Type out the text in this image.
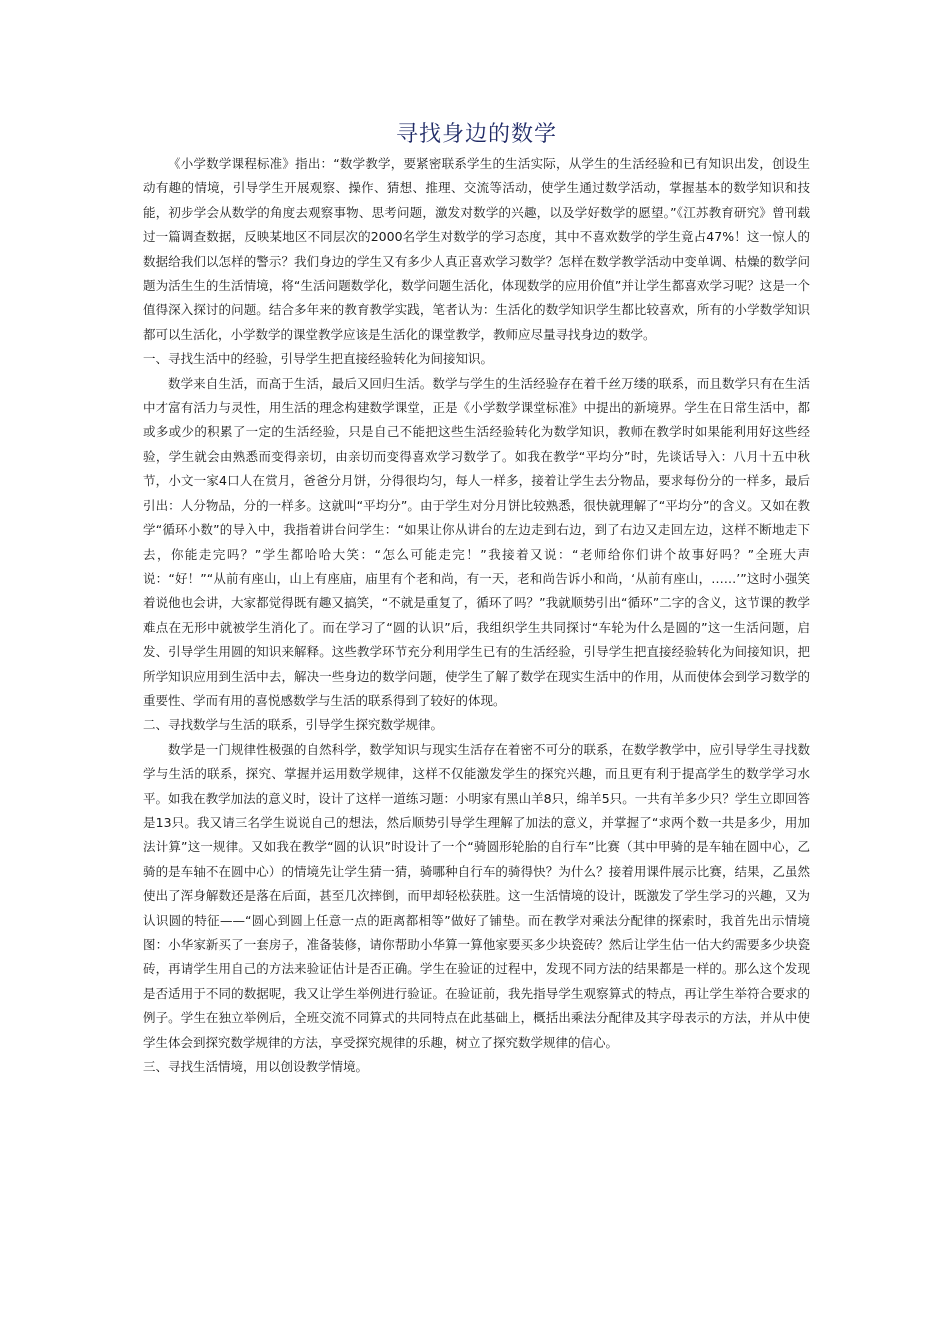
寻找身边的数学

《小学数学课程标准》指出：“数学教学，要紧密联系学生的生活实际，从学生的生活经验和已有知识出发，创设生动有趣的情境，引导学生开展观察、操作、猜想、推理、交流等活动，使学生通过数学活动，掌握基本的数学知识和技能，初步学会从数学的角度去观察事物、思考问题，激发对数学的兴趣，以及学好数学的愿望。”《江苏教育研究》曾刊载过一篇调查数据，反映某地区不同层次的2000名学生对数学的学习态度，其中不喜欢数学的学生竟占47%！这一惊人的数据给我们以怎样的警示？我们身边的学生又有多少人真正喜欢学习数学？怎样在数学教学活动中变单调、枯燥的数学问题为活生生的生活情境，将“生活问题数学化，数学问题生活化，体现数学的应用价值”并让学生都喜欢学习呢？这是一个值得深入探讨的问题。结合多年来的教育教学实践，笔者认为：生活化的数学知识学生都比较喜欢，所有的小学数学知识都可以生活化，小学数学的课堂教学应该是生活化的课堂教学，教师应尽量寻找身边的数学。

一、寻找生活中的经验，引导学生把直接经验转化为间接知识。

数学来自生活，而高于生活，最后又回归生活。数学与学生的生活经验存在着千丝万缕的联系，而且数学只有在生活中才富有活力与灵性，用生活的理念构建数学课堂，正是《小学数学课堂标准》中提出的新境界。学生在日常生活中，都或多或少的积累了一定的生活经验，只是自己不能把这些生活经验转化为数学知识，教师在教学时如果能利用好这些经验，学生就会由熟悉而变得亲切，由亲切而变得喜欢学习数学了。如我在教学“平均分”时，先谈话导入：八月十五中秋节，小文一家4口人在赏月，爸爸分月饼，分得很均匀，每人一样多，接着让学生去分物品，要求每份分的一样多，最后引出：人分物品，分的一样多。这就叫“平均分”。由于学生对分月饼比较熟悉，很快就理解了“平均分”的含义。又如在教学“循环小数”的导入中，我指着讲台问学生：“如果让你从讲台的左边走到右边，到了右边又走回左边，这样不断地走下去，你能走完吗？”学生都哈哈大笑：“怎么可能走完！”我接着又说：“老师给你们讲个故事好吗？”全班大声说：“好！”“从前有座山，山上有座庙，庙里有个老和尚，有一天，老和尚告诉小和尚，‘从前有座山，……’”这时小强笑着说他也会讲，大家都觉得既有趣又搞笑，“不就是重复了，循环了吗？”我就顺势引出“循环”二字的含义，这节课的教学难点在无形中就被学生消化了。而在学习了“圆的认识”后，我组织学生共同探讨“车轮为什么是圆的”这一生活问题，启发、引导学生用圆的知识来解释。这些教学环节充分利用学生已有的生活经验，引导学生把直接经验转化为间接知识，把所学知识应用到生活中去，解决一些身边的数学问题，使学生了解了数学在现实生活中的作用，从而使体会到学习数学的重要性、学而有用的喜悦感数学与生活的联系得到了较好的体现。

二、寻找数学与生活的联系，引导学生探究数学规律。

数学是一门规律性极强的自然科学，数学知识与现实生活存在着密不可分的联系，在数学教学中，应引导学生寻找数学与生活的联系，探究、掌握并运用数学规律，这样不仅能激发学生的探究兴趣，而且更有利于提高学生的数学学习水平。如我在教学加法的意义时，设计了这样一道练习题：小明家有黑山羊8只，绵羊5只。一共有羊多少只？学生立即回答是13只。我又请三名学生说说自己的想法，然后顺势引导学生理解了加法的意义，并掌握了“求两个数一共是多少，用加法计算”这一规律。又如我在教学“圆的认识”时设计了一个“骑圆形轮胎的自行车”比赛（其中甲骑的是车轴在圆中心，乙骑的是车轴不在圆中心）的情境先让学生猜一猜，骑哪种自行车的骑得快？为什么？接着用课件展示比赛，结果，乙虽然使出了浑身解数还是落在后面，甚至几次摔倒，而甲却轻松获胜。这一生活情境的设计，既激发了学生学习的兴趣，又为认识圆的特征——“圆心到圆上任意一点的距离都相等”做好了铺垫。而在教学对乘法分配律的探索时，我首先出示情境图：小华家新买了一套房子，准备装修，请你帮助小华算一算他家要买多少块瓷砖？然后让学生估一估大约需要多少块瓷砖，再请学生用自己的方法来验证估计是否正确。学生在验证的过程中，发现不同方法的结果都是一样的。那么这个发现是否适用于不同的数据呢，我又让学生举例进行验证。在验证前，我先指导学生观察算式的特点，再让学生举符合要求的例子。学生在独立举例后，全班交流不同算式的共同特点在此基础上，概括出乘法分配律及其字母表示的方法，并从中使学生体会到探究数学规律的方法，享受探究规律的乐趣，树立了探究数学规律的信心。

三、寻找生活情境，用以创设教学情境。
